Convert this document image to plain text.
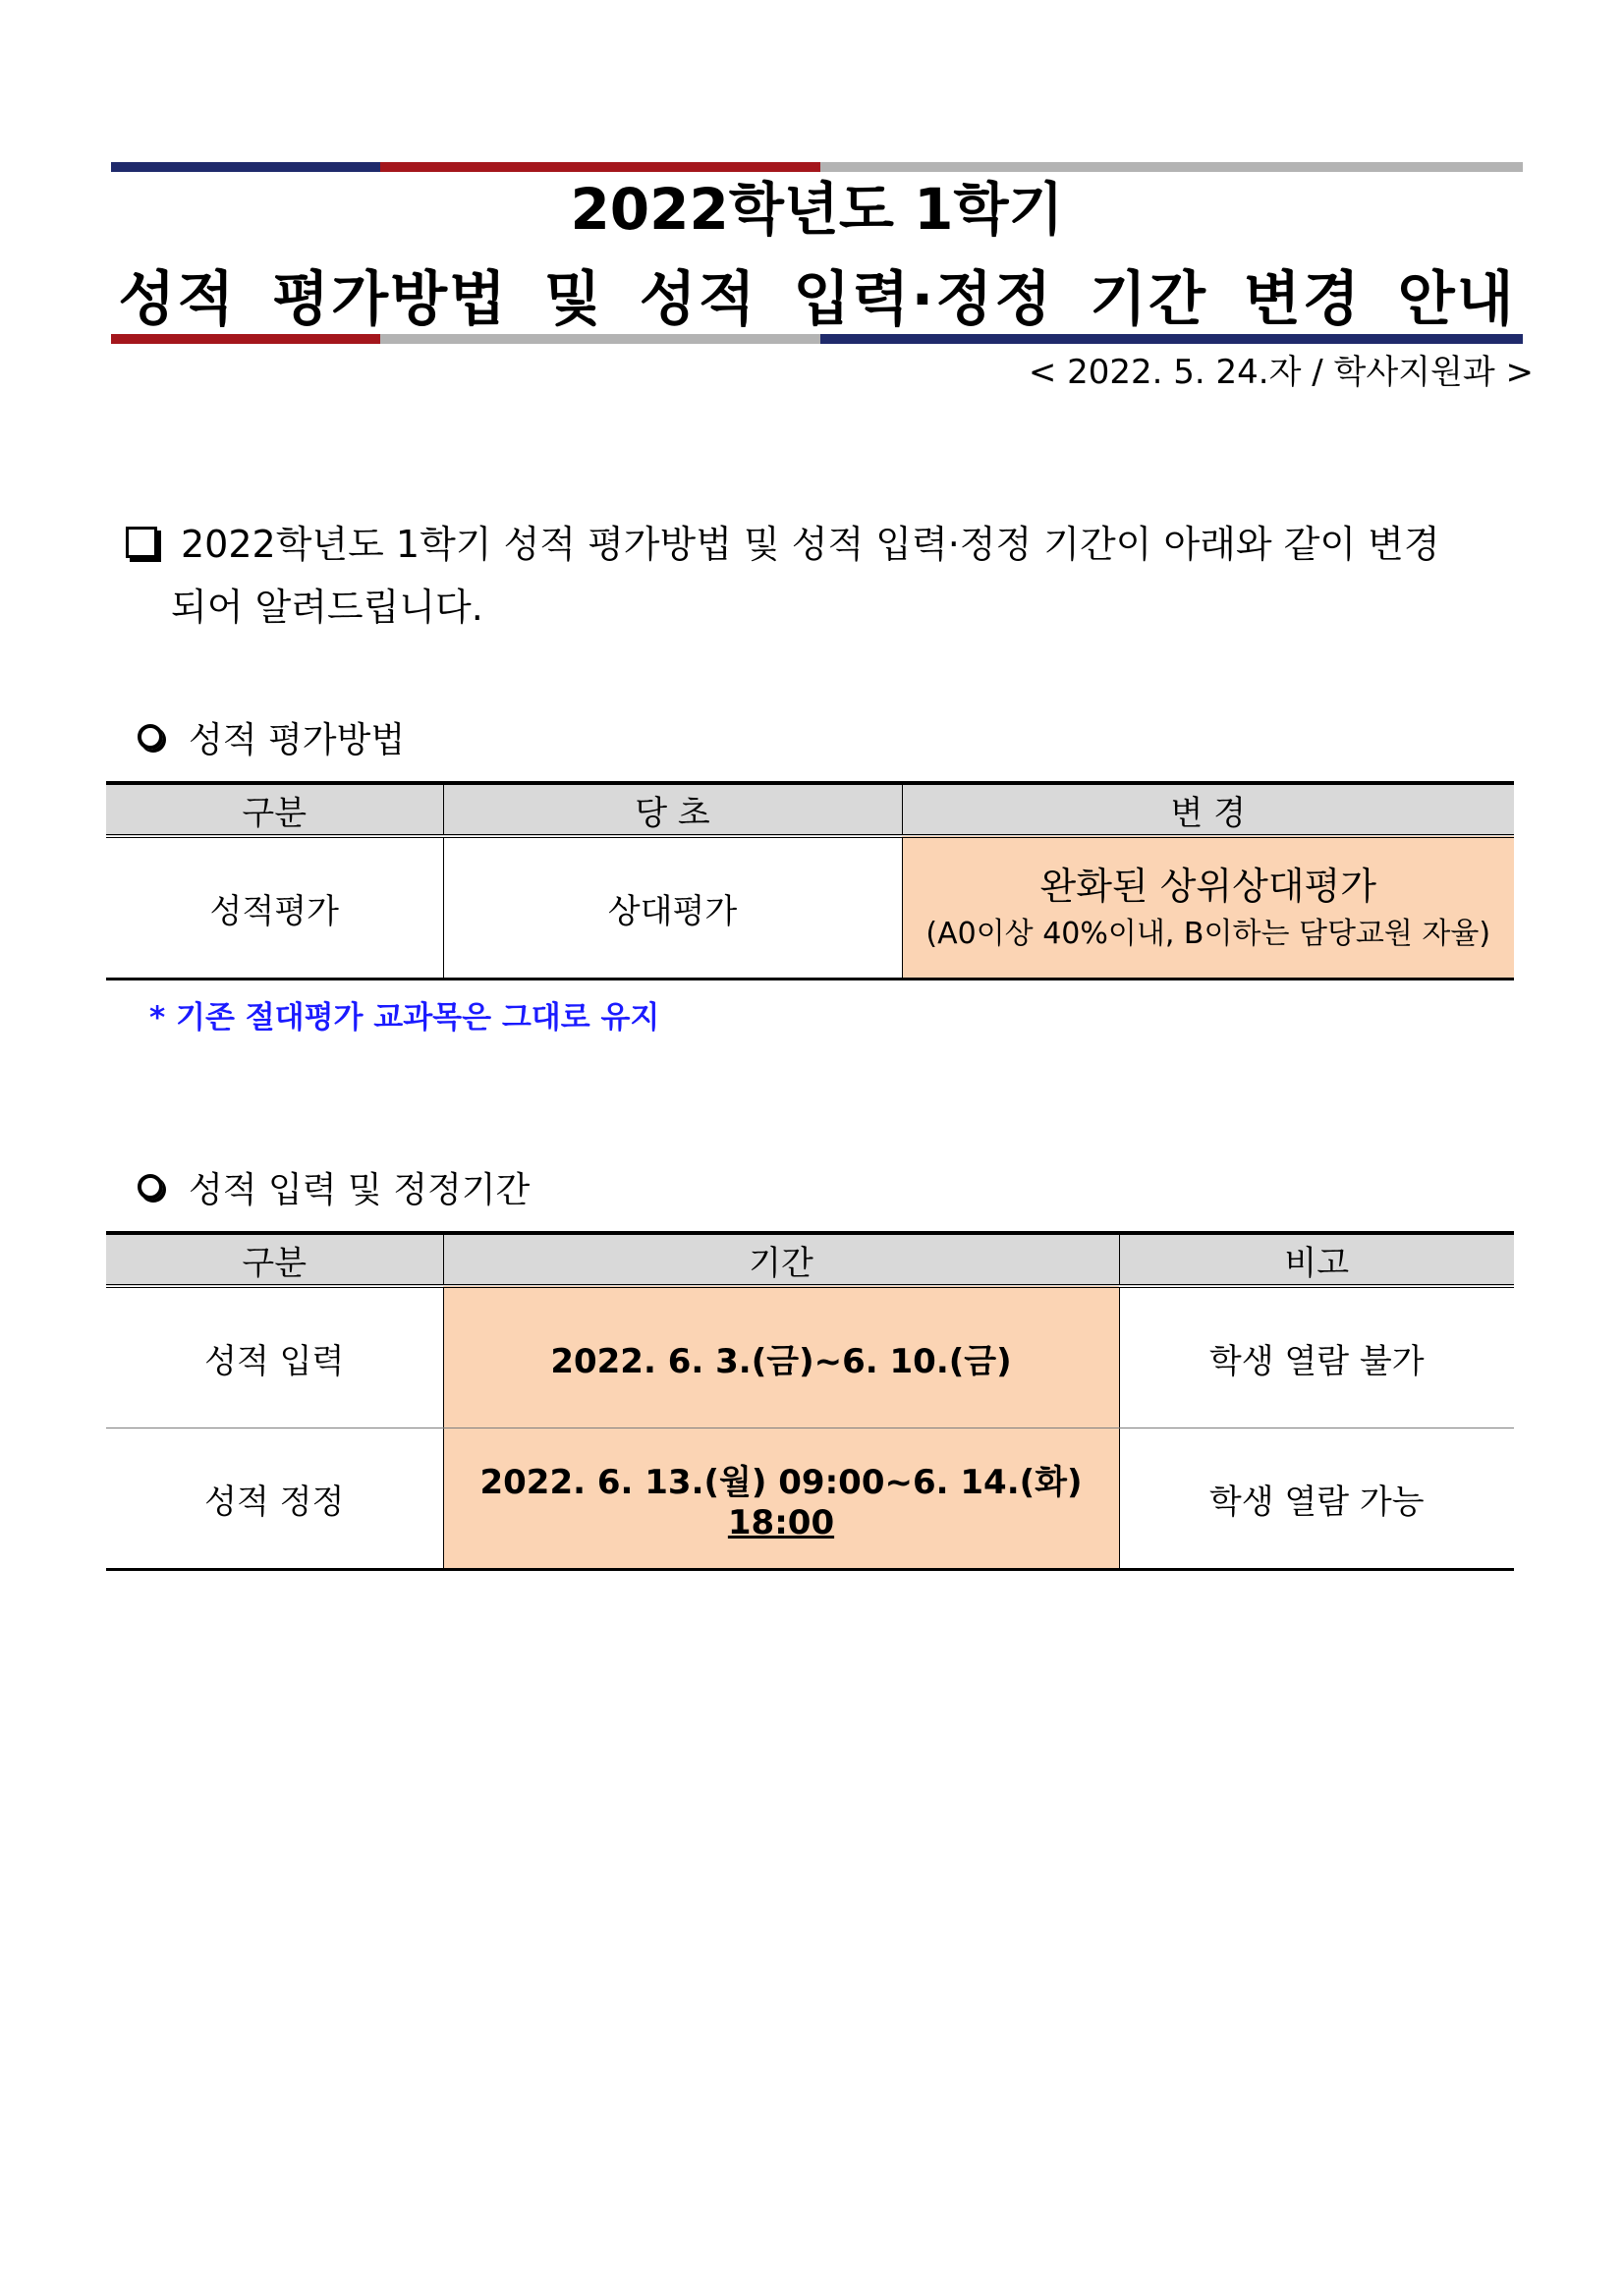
2022학년도 1학기
성적 평가방법 및 성적 입력·정정 기간 변경 안내
< 2022. 5. 24.자 / 학사지원과 >
2022학년도 1학기 성적 평가방법 및 성적 입력·정정 기간이 아래와 같이 변경
되어 알려드립니다.
성적 평가방법
구분	당 초	변 경
성적평가	상대평가	완화된 상위상대평가
(A0이상 40%이내, B이하는 담당교원 자율)
* 기존 절대평가 교과목은 그대로 유지
성적 입력 및 정정기간
구분	기간	비고
성적 입력	2022. 6. 3.(금)~6. 10.(금)	학생 열람 불가
성적 정정	2022. 6. 13.(월) 09:00~6. 14.(화) 18:00	학생 열람 가능
